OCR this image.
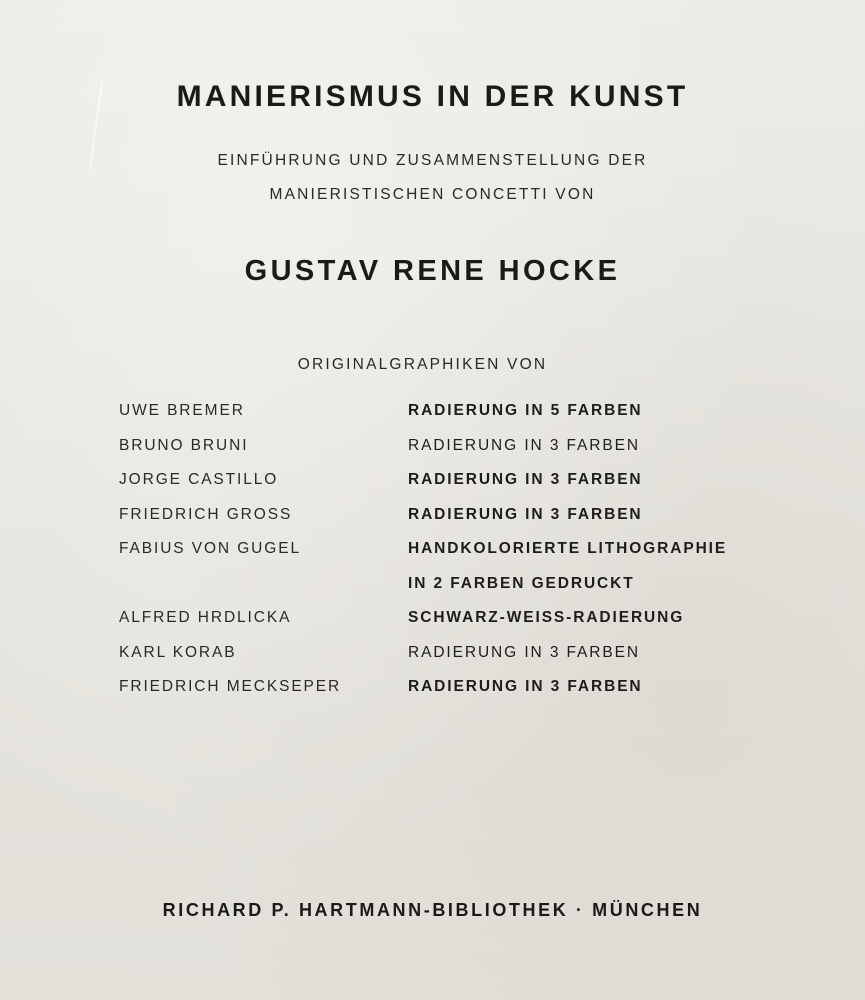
MANIERISMUS IN DER KUNST
EINFÜHRUNG UND ZUSAMMENSTELLUNG DER
MANIERISTISCHEN CONCETTI VON
GUSTAV RENE HOCKE
ORIGINALGRAPHIKEN VON
UWE BREMER	RADIERUNG IN 5 FARBEN
BRUNO BRUNI	RADIERUNG IN 3 FARBEN
JORGE CASTILLO	RADIERUNG IN 3 FARBEN
FRIEDRICH GROSS	RADIERUNG IN 3 FARBEN
FABIUS VON GUGEL	HANDKOLORIERTE LITHOGRAPHIE
IN 2 FARBEN GEDRUCKT
ALFRED HRDLICKA	SCHWARZ-WEISS-RADIERUNG
KARL KORAB	RADIERUNG IN 3 FARBEN
FRIEDRICH MECKSEPER	RADIERUNG IN 3 FARBEN
RICHARD P. HARTMANN-BIBLIOTHEK · MÜNCHEN
